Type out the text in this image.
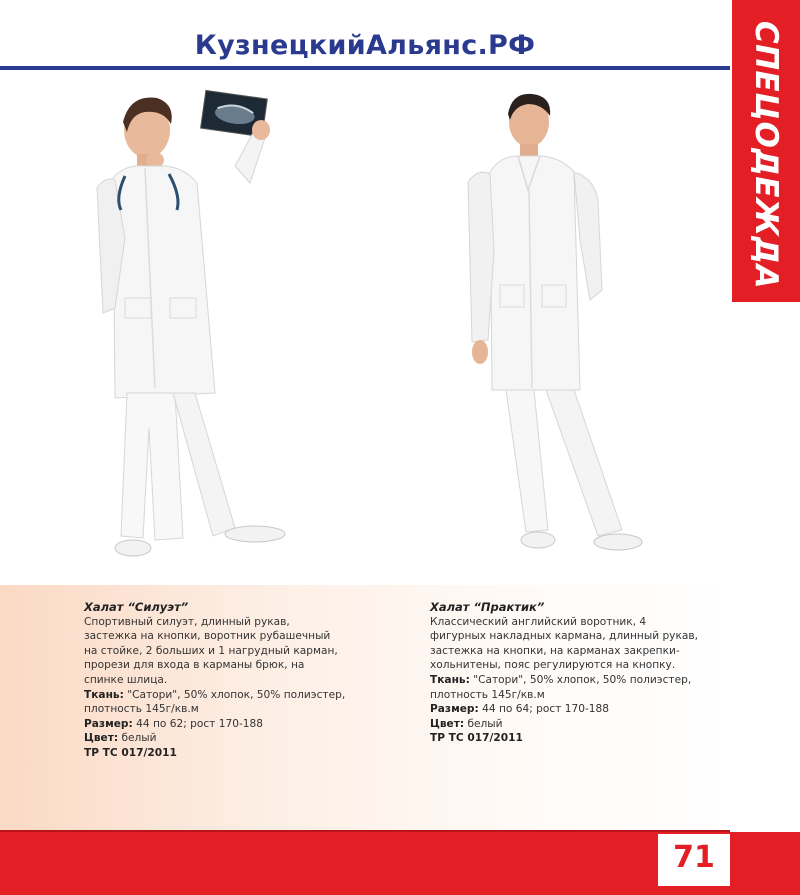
КузнецкийАльянс.РФ	СПЕЦОДЕЖДА
Халат “Силуэт”
Спортивный силуэт, длинный рукав, застежка на кнопки, воротник рубашечный на стойке, 2 больших и 1 нагрудный карман, прорези для входа в карманы брюк, на спинке шлица.
Ткань: "Сатори", 50% хлопок, 50% полиэстер, плотность 145г/кв.м
Размер: 44 по 62; рост 170-188
Цвет: белый
ТР ТС 017/2011
Халат “Практик”
Классический английский воротник, 4 фигурных накладных кармана, длинный рукав, застежка на кнопки, на карманах закрепки-хольнитены, пояс регулируются на кнопку.
Ткань: "Сатори", 50% хлопок, 50% полиэстер, плотность 145г/кв.м
Размер: 44 по 64; рост 170-188
Цвет: белый
ТР ТС 017/2011
71
